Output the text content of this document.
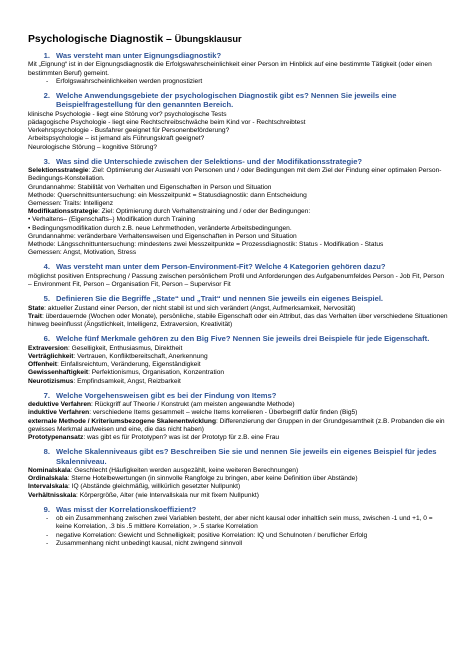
Psychologische Diagnostik – Übungsklausur
1 .	Was versteht man unter Eignungsdiagnostik?

Mit „Eignung“ ist in der Eignungsdiagnostik die Erfolgswahrscheinlichkeit einer Person im Hinblick auf eine bestimmte Tätigkeit (oder einen bestimmten Beruf) gemeint.

-	Erfolgswahrscheinlichkeiten werden prognostiziert
2 .	Welche Anwendungsgebiete der psychologischen Diagnostik gibt es? Nennen Sie jeweils eine Beispielfragestellung für den genannten Bereich.

klinische Psychologie - liegt eine Störung vor? psychologische Tests

pädagogische Psychologie - liegt eine Rechtschreibschwäche beim Kind vor - Rechtschreibtest

Verkehrspsychologie - Busfahrer geeignet für Personenbeförderung?

Arbeitspsychologie – ist jemand als Führungskraft geeignet?

Neurologische Störung – kognitive Störung?

3 .	Was sind die Unterschiede zwischen der Selektions- und der Modifikationsstrategie?

Selektionsstrategie: Ziel: Optimierung der Auswahl von Personen und / oder Bedingungen mit dem Ziel der Findung einer optimalen Person-Bedingungs-Konstellation.

Grundannahme: Stabilität von Verhalten und Eigenschaften in Person und Situation

Methode: Querschnittsuntersuchung: ein Messzeitpunkt = Statusdiagnostik: dann Entscheidung

Gemessen: Traits: Intelligenz

Modifikationsstrategie: Ziel: Optimierung durch Verhaltenstraining und / oder der Bedingungen:

• Verhaltens– (Eigenschafts–) Modifikation durch Training

• Bedingungsmodifikation durch z.B. neue Lehrmethoden, veränderte Arbeitsbedingungen.

Grundannahme: veränderbare Verhaltensweisen und Eigenschaften in Person und Situation

Methode: Längsschnittuntersuchung: mindestens zwei Messzeitpunkte = Prozessdiagnostik: Status - Modifikation - Status

Gemessen: Angst, Motivation, Stress

4 .	Was versteht man unter dem Person-Environment-Fit? Welche 4 Kategorien gehören dazu?

möglichst positiven Entsprechung / Passung zwischen persönlichem Profil und Anforderungen des Aufgabenumfeldes Person - Job Fit, Person – Environment Fit, Person – Organisation Fit, Person – Supervisor Fit

5 .	Definieren Sie die Begriffe „State“ und „Trait“ und nennen Sie jeweils ein eigenes Beispiel.

State: aktueller Zustand einer Person, der nicht stabil ist und sich verändert (Angst, Aufmerksamkeit, Nervosität)

Trait: überdauernde (Wochen oder Monate), persönliche, stabile Eigenschaft oder ein Attribut, das das Verhalten über verschiedene Situationen hinweg beeinflusst (Ängstlichkeit, Intelligenz, Extraversion, Kreativität)

6 .	Welche fünf Merkmale gehören zu den Big Five? Nennen Sie jeweils drei Beispiele für jede Eigenschaft.

Extraversion: Geselligkeit, Enthusiasmus, Direktheit

Verträglichkeit: Vertrauen, Konfliktbereitschaft, Anerkennung

Offenheit: Einfallsreichtum, Veränderung, Eigenständigkeit

Gewissenhaftigkeit: Perfektionismus, Organisation, Konzentration

Neurotizismus: Empfindsamkeit, Angst, Reizbarkeit

7 .	Welche Vorgehensweisen gibt es bei der Findung von Items?

deduktive Verfahren: Rückgriff auf Theorie / Konstrukt (am meisten angewandte Methode)

induktive Verfahren: verschiedene Items gesammelt – welche Items korrelieren - Überbegriff dafür finden (Big5)

externale Methode / Kriteriumsbezogene Skalenentwicklung: Differenzierung der Gruppen in der Grundgesamtheit (z.B. Probanden die ein gewisses Merkmal aufweisen und eine, die das nicht haben)

Prototypenansatz: was gibt es für Prototypen? was ist der Prototyp für z.B. eine Frau

8 .	Welche Skalenniveaus gibt es? Beschreiben Sie sie und nennen Sie jeweils ein eigenes Beispiel für jedes Skalenniveau.

Nominalskala: Geschlecht (Häufigkeiten werden ausgezählt, keine weiteren Berechnungen)

Ordinalskala: Sterne Hotelbewertungen (in sinnvolle Rangfolge zu bringen, aber keine Definition über Abstände)

Intervalskala: IQ (Abstände gleichmäßig, willkürlich gesetzter Nullpunkt)

Verhältnisskala: Körpergröße, Alter (wie Intervallskala nur mit fixem Nullpunkt)

9 .	Was misst der Korrelationskoeffizient?
-	ob ein Zusammenhang zwischen zwei Variablen besteht, der aber nicht kausal oder inhaltlich sein muss, zwischen -1 und +1, 0 = keine Korrelation, .3 bis .5 mittlere Korrelation, > .5 starke Korrelation
-	negative Korrelation: Gewicht und Schnelligkeit; positive Korrelation: IQ und Schulnoten / beruflicher Erfolg
-	Zusammenhang nicht unbedingt kausal, nicht zwingend sinnvoll
